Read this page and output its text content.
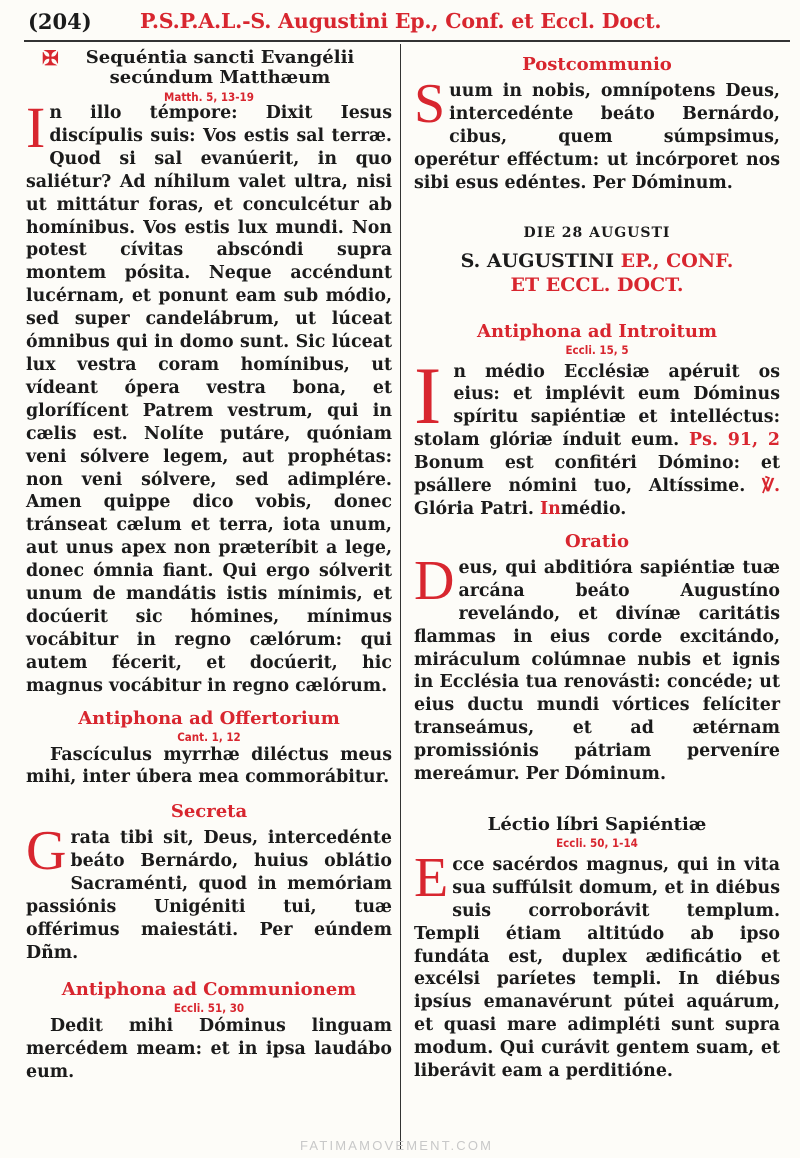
(204) P.S.P.A.L.-S. Augustini Ep., Conf. et Eccl. Doct.
✠	Sequéntia sancti Evangélii
secúndum Matthæum
Matth. 5, 13-19

In illo témpore: Dixit Iesus discípulis suis: Vos estis sal terræ. Quod si sal evanúerit, in quo saliétur? Ad níhilum valet ultra, nisi ut mittátur foras, et conculcétur ab homínibus. Vos estis lux mundi. Non potest cívitas abscóndi supra montem pósita. Neque accéndunt lucérnam, et ponunt eam sub módio, sed super candelábrum, ut lúceat ómnibus qui in domo sunt. Sic lúceat lux vestra coram homínibus, ut vídeant ópera vestra bona, et glorífícent Patrem vestrum, qui in cælis est. Nolíte putáre, quóniam veni sólvere legem, aut prophétas: non veni sólvere, sed adimplére. Amen quippe dico vobis, donec tránseat cælum et terra, iota unum, aut unus apex non præteríbit a lege, donec ómnia fiant. Qui ergo sólverit unum de mandátis istis mínimis, et docúerit sic hómines, mínimus vocábitur in regno cælórum: qui autem fécerit, et docúerit, hic magnus vocábitur in regno cælórum.

Antiphona ad Offertorium
Cant. 1, 12

Fascículus myrrhæ diléctus meus mihi, inter úbera mea commorábitur.

Secreta

Grata tibi sit, Deus, intercedénte beáto Bernárdo, huius oblátio Sacraménti, quod in memóriam passiónis Unigéniti tui, tuæ offérimus maiestáti. Per eúndem Dñm.

Antiphona ad Communionem
Eccli. 51, 30

Dedit mihi Dóminus linguam mercédem meam: et in ipsa laudábo eum.

Postcommunio

Suum in nobis, omnípotens Deus, intercedénte beáto Bernárdo, cibus, quem súmpsimus, operétur efféctum: ut incórporet nos sibi esus edéntes. Per Dóminum.

DIE 28 AUGUSTI
S. AUGUSTINI EP., CONF.
ET ECCL. DOCT.
Antiphona ad Introitum
Eccli. 15, 5

In médio Ecclésiæ apéruit os eius: et implévit eum Dóminus spíritu sapiéntiæ et intelléctus: stolam glóriæ índuit eum. Ps. 91, 2 Bonum est confitéri Dómino: et psállere nómini tuo, Altíssime. ℣. Glória Patri. Inmédio.

Oratio

Deus, qui abditióra sapiéntiæ tuæ arcána beáto Augustíno revelándo, et divínæ caritátis flammas in eius corde excitándo, miráculum colúmnae nubis et ignis in Ecclésia tua renovásti: concéde; ut eius ductu mundi vórtices felíciter transeámus, et ad ætérnam promissiónis pátriam perveníre mereámur. Per Dóminum.

Léctio líbri Sapiéntiæ
Eccli. 50, 1-14

Ecce sacérdos magnus, qui in vita sua suffúlsit domum, et in diébus suis corroborávit templum. Templi étiam altitúdo ab ipso fundáta est, duplex ædificátio et excélsi paríetes templi. In diébus ipsíus emanavérunt pútei aquárum, et quasi mare adimpléti sunt supra modum. Qui curávit gentem suam, et liberávit eam a perditióne.

FATIMAMOVEMENT.COM
